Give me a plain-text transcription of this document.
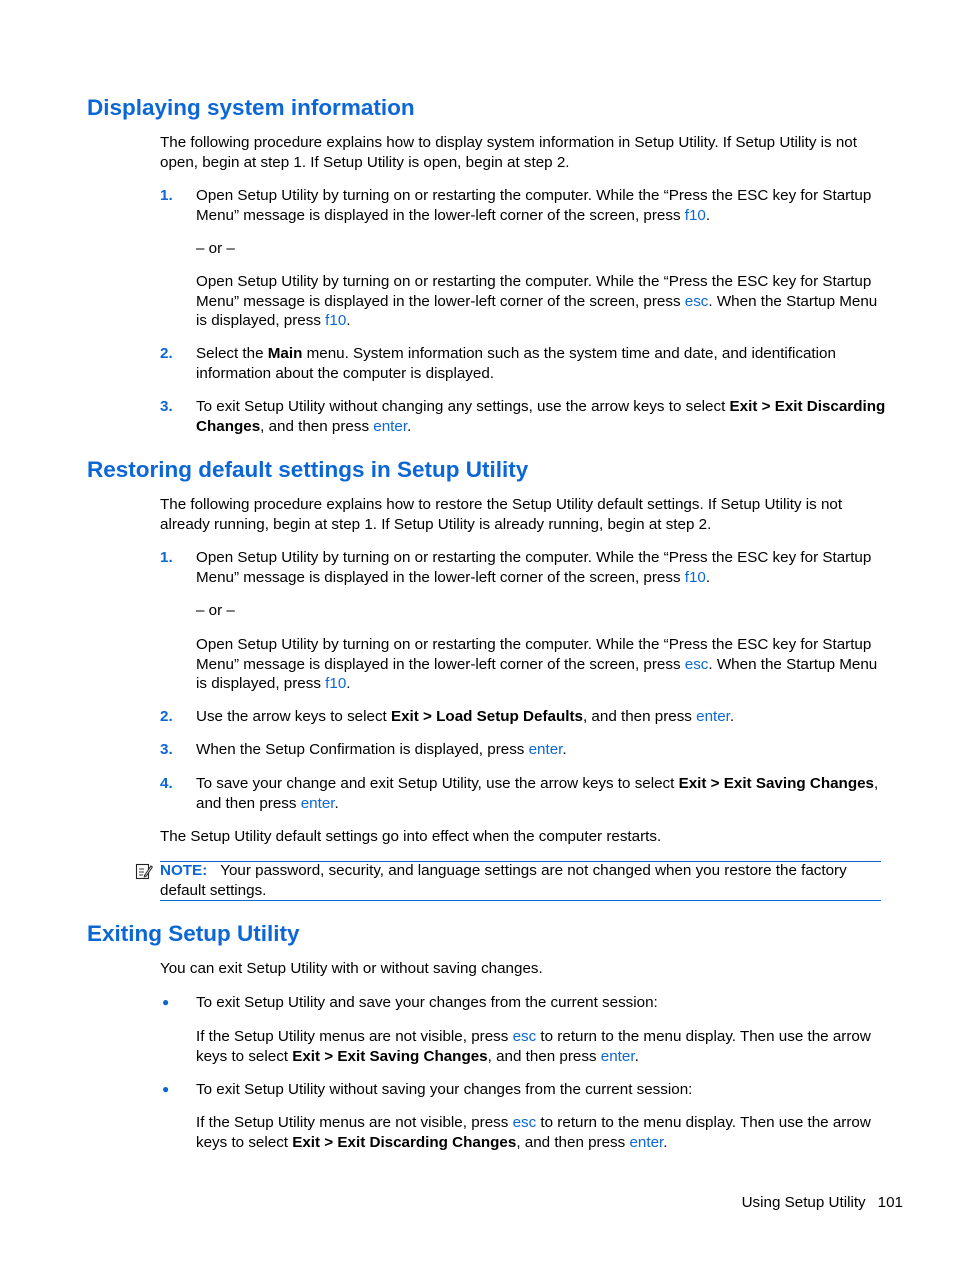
Displaying system information

The following procedure explains how to display system information in Setup Utility. If Setup Utility is not open, begin at step 1. If Setup Utility is open, begin at step 2.

1. Open Setup Utility by turning on or restarting the computer. While the “Press the ESC key for Startup Menu” message is displayed in the lower-left corner of the screen, press f10.

– or –

Open Setup Utility by turning on or restarting the computer. While the “Press the ESC key for Startup Menu” message is displayed in the lower-left corner of the screen, press esc. When the Startup Menu is displayed, press f10.

2. Select the Main menu. System information such as the system time and date, and identification information about the computer is displayed.

3. To exit Setup Utility without changing any settings, use the arrow keys to select Exit > Exit Discarding Changes, and then press enter.

Restoring default settings in Setup Utility

The following procedure explains how to restore the Setup Utility default settings. If Setup Utility is not already running, begin at step 1. If Setup Utility is already running, begin at step 2.

1. Open Setup Utility by turning on or restarting the computer. While the “Press the ESC key for Startup Menu” message is displayed in the lower-left corner of the screen, press f10.

– or –

Open Setup Utility by turning on or restarting the computer. While the “Press the ESC key for Startup Menu” message is displayed in the lower-left corner of the screen, press esc. When the Startup Menu is displayed, press f10.

2. Use the arrow keys to select Exit > Load Setup Defaults, and then press enter.

3. When the Setup Confirmation is displayed, press enter.

4. To save your change and exit Setup Utility, use the arrow keys to select Exit > Exit Saving Changes, and then press enter.

The Setup Utility default settings go into effect when the computer restarts.

NOTE: Your password, security, and language settings are not changed when you restore the factory default settings.

Exiting Setup Utility

You can exit Setup Utility with or without saving changes.

● To exit Setup Utility and save your changes from the current session:

If the Setup Utility menus are not visible, press esc to return to the menu display. Then use the arrow keys to select Exit > Exit Saving Changes, and then press enter.

● To exit Setup Utility without saving your changes from the current session:

If the Setup Utility menus are not visible, press esc to return to the menu display. Then use the arrow keys to select Exit > Exit Discarding Changes, and then press enter.

Using Setup Utility 101
